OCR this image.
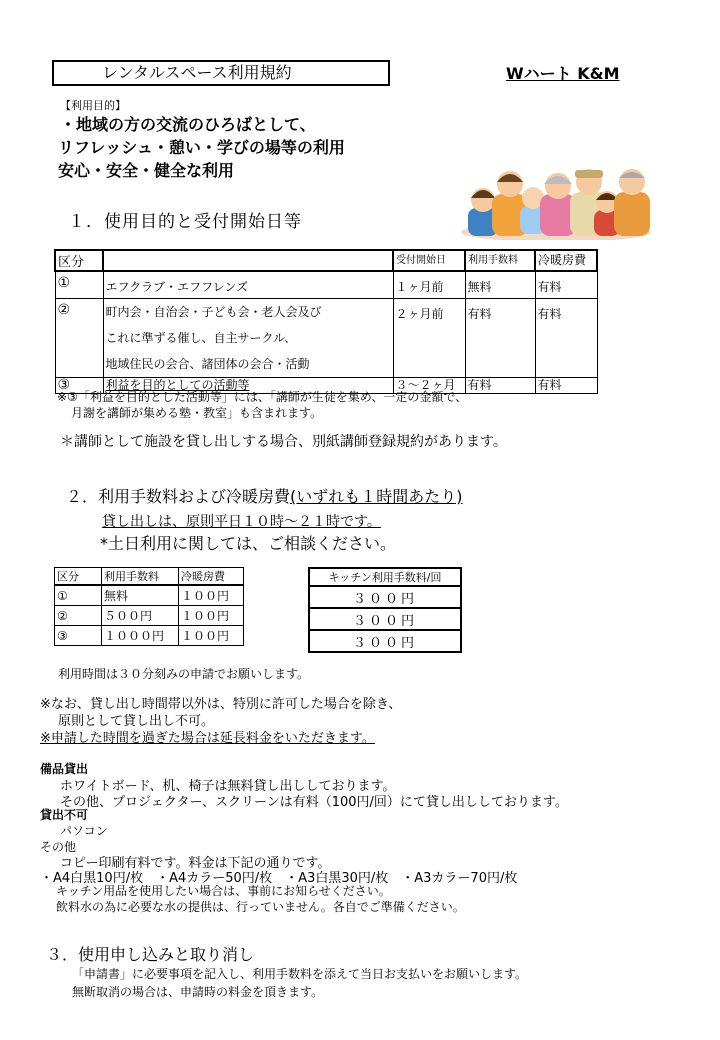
レンタルスペース利用規約	Wハート K&M
【利用目的】
・地域の方の交流のひろばとして、
リフレッシュ・憩い・学びの場等の利用
安心・安全・健全な利用
１．使用目的と受付開始日等
区分		受付開始日	利用手数料	冷暖房費
①	エフクラブ・エフフレンズ	１ヶ月前	無料	有料
②	町内会・自治会・子ども会・老人会及び
これに準ずる催し、自主サークル、
地域住民の会合、諸団体の会合・活動	２ヶ月前	有料	有料
③	利益を目的としての活動等	３～２ヶ月	有料	有料
※③「利益を目的とした活動等」には、「講師が生徒を集め、一定の金額で、
月謝を講師が集める塾・教室」も含まれます。
＊講師として施設を貸し出しする場合、別紙講師登録規約があります。
２．利用手数料および冷暖房費(いずれも１時間あたり)
貸し出しは、原則平日１０時～２１時です。
*土日利用に関しては、ご相談ください。
区分	利用手数料	冷暖房費
①	無料	１００円
②	５００円	１００円
③	１０００円	１００円
キッチン利用手数料/回
３００円
３００円
３００円
利用時間は３０分刻みの申請でお願いします。
※なお、貸し出し時間帯以外は、特別に許可した場合を除き、
原則として貸し出し不可。
※申請した時間を過ぎた場合は延長料金をいただきます。
備品貸出
ホワイトボード、机、椅子は無料貸し出ししております。
その他、プロジェクター、スクリーンは有料（100円/回）にて貸し出ししております。
貸出不可
パソコン
その他
コピー印刷有料です。料金は下記の通りです。
・A4白黒10円/枚　・A4カラー50円/枚　・A3白黒30円/枚　・A3カラー70円/枚
キッチン用品を使用したい場合は、事前にお知らせください。
飲料水の為に必要な水の提供は、行っていません。各自でご準備ください。
３．使用申し込みと取り消し
「申請書」に必要事項を記入し、利用手数料を添えて当日お支払いをお願いします。
無断取消の場合は、申請時の料金を頂きます。
